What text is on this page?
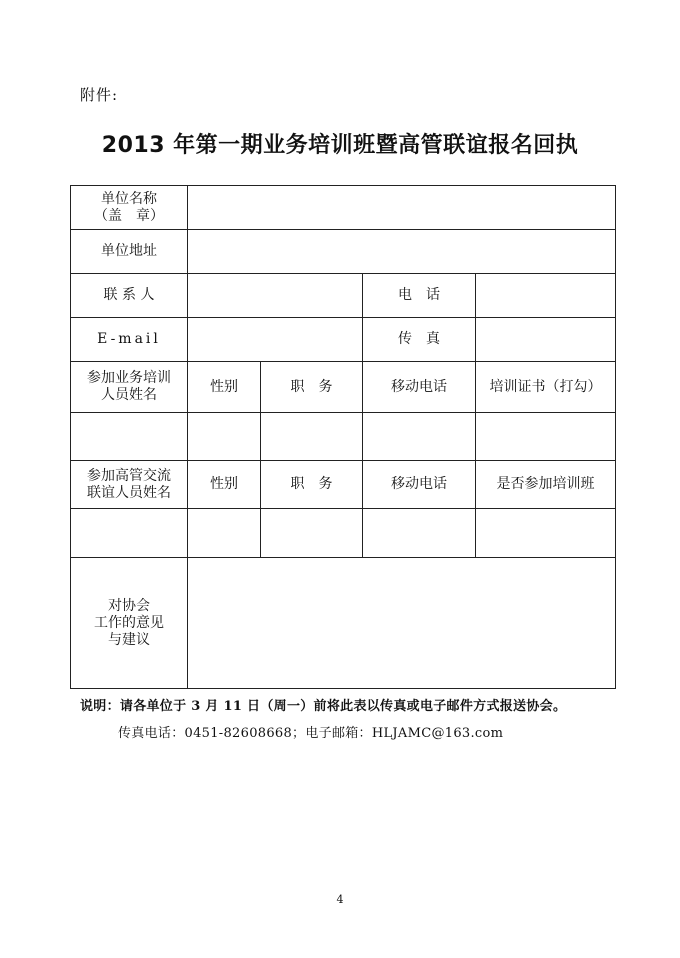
附件:
2013 年第一期业务培训班暨高管联谊报名回执
单位名称
（盖　章）				

单位地址				
联 系 人			电　话	
E-mail			传　真	

参加业务培训
人员姓名	性别	职　务	移动电话	培训证书（打勾）

参加高管交流
联谊人员姓名	性别	职　务	移动电话	是否参加培训班

对协会
工作的意见
与建议				

说明：请各单位于 3 月 11 日（周一）前将此表以传真或电子邮件方式报送协会。
传真电话：0451-82608668；电子邮箱：HLJAMC@163.com
4
